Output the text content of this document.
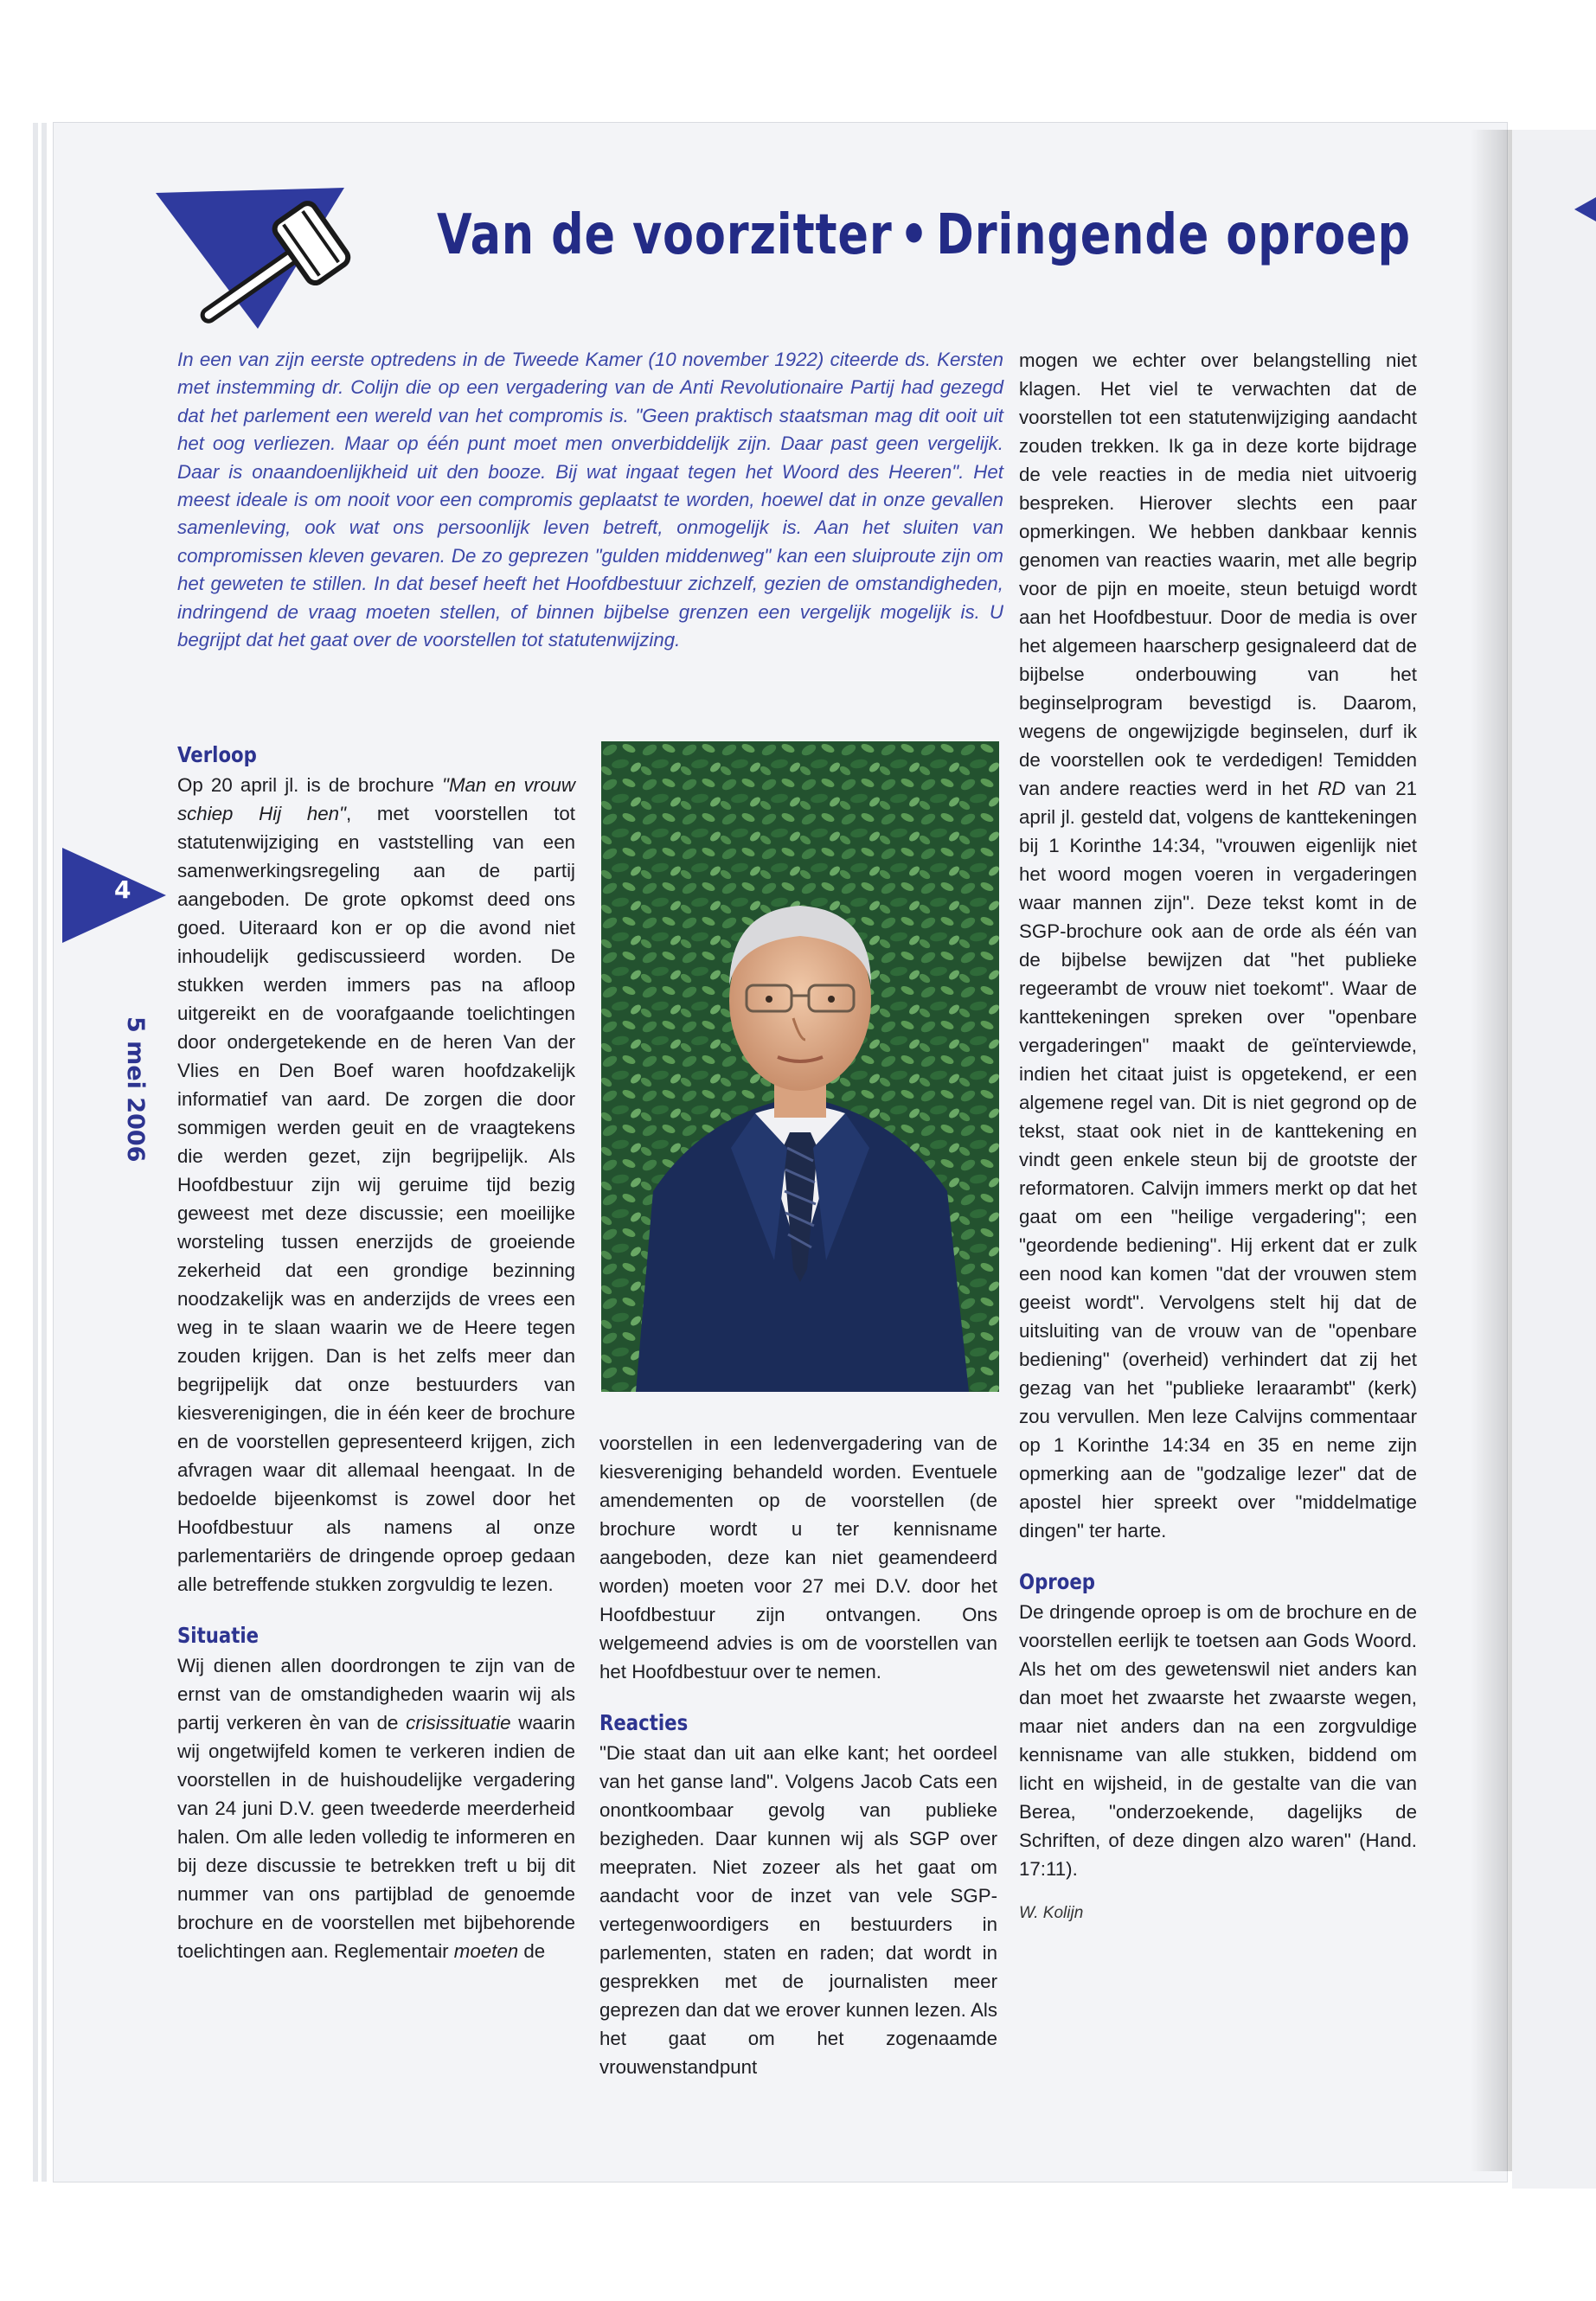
Van de voorzitter • Dringende oproep

In een van zijn eerste optredens in de Tweede Kamer (10 november 1922) citeerde ds. Kersten met instemming dr. Colijn die op een vergadering van de Anti Revolutionaire Partij had gezegd dat het parlement een wereld van het compromis is. "Geen praktisch staatsman mag dit ooit uit het oog verliezen. Maar op één punt moet men onverbiddelijk zijn. Daar past geen vergelijk. Daar is onaandoenlijkheid uit den booze. Bij wat ingaat tegen het Woord des Heeren". Het meest ideale is om nooit voor een compromis geplaatst te worden, hoewel dat in onze gevallen samenleving, ook wat ons persoonlijk leven betreft, onmogelijk is. Aan het sluiten van compromissen kleven gevaren. De zo geprezen "gulden middenweg" kan een sluiproute zijn om het geweten te stillen. In dat besef heeft het Hoofdbestuur zichzelf, gezien de omstandigheden, indringend de vraag moeten stellen, of binnen bijbelse grenzen een vergelijk mogelijk is. U begrijpt dat het gaat over de voorstellen tot statutenwijzing.

Verloop

Op 20 april jl. is de brochure "Man en vrouw schiep Hij hen", met voorstellen tot statutenwijziging en vaststelling van een samenwerkingsregeling aan de partij aangeboden. De grote opkomst deed ons goed. Uiteraard kon er op die avond niet inhoudelijk gediscussieerd worden. De stukken werden immers pas na afloop uitgereikt en de voorafgaande toelichtingen door ondergetekende en de heren Van der Vlies en Den Boef waren hoofdzakelijk informatief van aard. De zorgen die door sommigen werden geuit en de vraagtekens die werden gezet, zijn begrijpelijk. Als Hoofdbestuur zijn wij geruime tijd bezig geweest met deze discussie; een moeilijke worsteling tussen enerzijds de groeiende zekerheid dat een grondige bezinning noodzakelijk was en anderzijds de vrees een weg in te slaan waarin we de Heere tegen zouden krijgen. Dan is het zelfs meer dan begrijpelijk dat onze bestuurders van kiesverenigingen, die in één keer de brochure en de voorstellen gepresenteerd krijgen, zich afvragen waar dit allemaal heengaat. In de bedoelde bijeenkomst is zowel door het Hoofdbestuur als namens al onze parlementariërs de dringende oproep gedaan alle betreffende stukken zorgvuldig te lezen.

Situatie

Wij dienen allen doordrongen te zijn van de ernst van de omstandigheden waarin wij als partij verkeren èn van de crisissituatie waarin wij ongetwijfeld komen te verkeren indien de voorstellen in de huishoudelijke vergadering van 24 juni D.V. geen tweederde meerderheid halen. Om alle leden volledig te informeren en bij deze discussie te betrekken treft u bij dit nummer van ons partijblad de genoemde brochure en de voorstellen met bijbehorende toelichtingen aan. Reglementair moeten de

voorstellen in een ledenvergadering van de kiesvereniging behandeld worden. Eventuele amendementen op de voorstellen (de brochure wordt u ter kennisname aangeboden, deze kan niet geamendeerd worden) moeten voor 27 mei D.V. door het Hoofdbestuur zijn ontvangen. Ons welgemeend advies is om de voorstellen van het Hoofdbestuur over te nemen.

Reacties

"Die staat dan uit aan elke kant; het oordeel van het ganse land". Volgens Jacob Cats een onontkoombaar gevolg van publieke bezigheden. Daar kunnen wij als SGP over meepraten. Niet zozeer als het gaat om aandacht voor de inzet van vele SGP-vertegenwoordigers en bestuurders in parlementen, staten en raden; dat wordt in gesprekken met de journalisten meer geprezen dan dat we erover kunnen lezen. Als het gaat om het zogenaamde vrouwenstandpunt

mogen we echter over belangstelling niet klagen. Het viel te verwachten dat de voorstellen tot een statutenwijziging aandacht zouden trekken. Ik ga in deze korte bijdrage de vele reacties in de media niet uitvoerig bespreken. Hierover slechts een paar opmerkingen. We hebben dankbaar kennis genomen van reacties waarin, met alle begrip voor de pijn en moeite, steun betuigd wordt aan het Hoofdbestuur. Door de media is over het algemeen haarscherp gesignaleerd dat de bijbelse onderbouwing van het beginselprogram bevestigd is. Daarom, wegens de ongewijzigde beginselen, durf ik de voorstellen ook te verdedigen! Temidden van andere reacties werd in het RD van 21 april jl. gesteld dat, volgens de kanttekeningen bij 1 Korinthe 14:34, "vrouwen eigenlijk niet het woord mogen voeren in vergaderingen waar mannen zijn". Deze tekst komt in de SGP-brochure ook aan de orde als één van de bijbelse bewijzen dat "het publieke regeerambt de vrouw niet toekomt". Waar de kanttekeningen spreken over "openbare vergaderingen" maakt de geïnterviewde, indien het citaat juist is opgetekend, er een algemene regel van. Dit is niet gegrond op de tekst, staat ook niet in de kanttekening en vindt geen enkele steun bij de grootste der reformatoren. Calvijn immers merkt op dat het gaat om een "heilige vergadering"; een "geordende bediening". Hij erkent dat er zulk een nood kan komen "dat der vrouwen stem geeist wordt". Vervolgens stelt hij dat de uitsluiting van de vrouw van de "openbare bediening" (overheid) verhindert dat zij het gezag van het "publieke leraarambt" (kerk) zou vervullen. Men leze Calvijns commentaar op 1 Korinthe 14:34 en 35 en neme zijn opmerking aan de "godzalige lezer" dat de apostel hier spreekt over "middelmatige dingen" ter harte.

Oproep

De dringende oproep is om de brochure en de voorstellen eerlijk te toetsen aan Gods Woord. Als het om des gewetenswil niet anders kan dan moet het zwaarste het zwaarste wegen, maar niet anders dan na een zorgvuldige kennisname van alle stukken, biddend om licht en wijsheid, in de gestalte van die van Berea, "onderzoekende, dagelijks de Schriften, of deze dingen alzo waren" (Hand. 17:11).

W. Kolijn

4
5 mei 2006
